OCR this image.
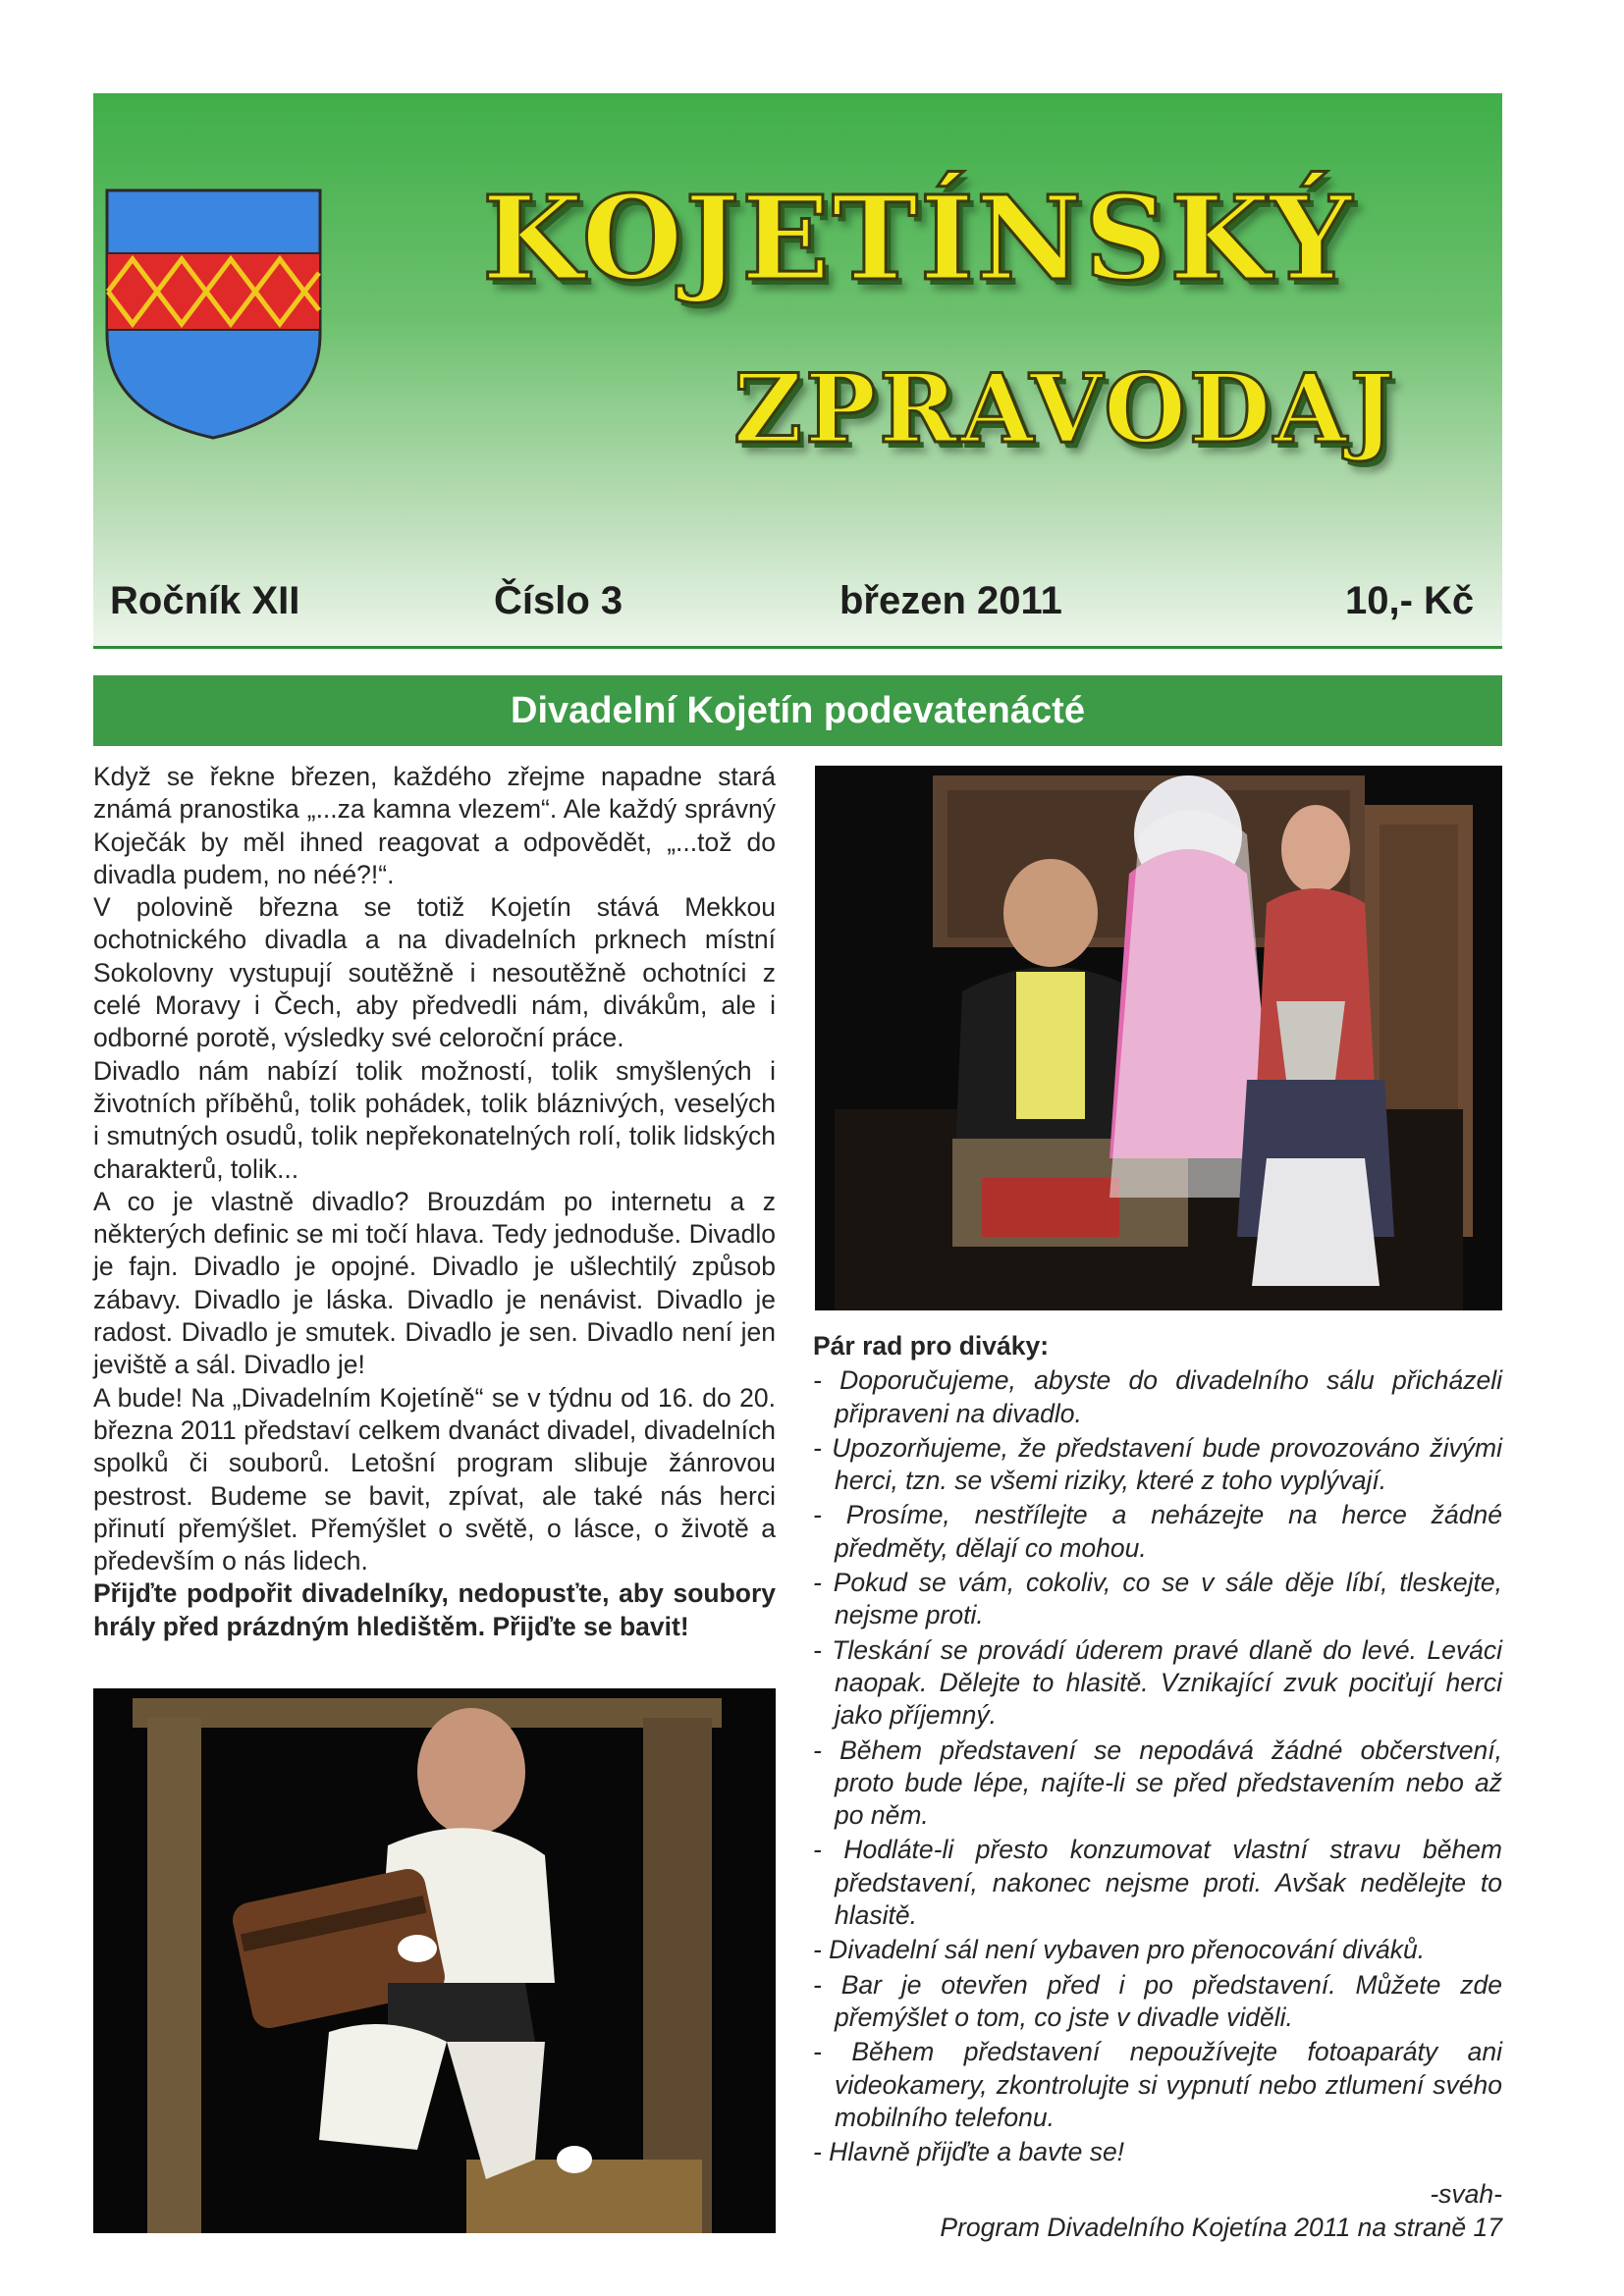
KOJETÍNSKÝ
ZPRAVODAJ
Ročník XII	Číslo 3	březen 2011	10,- Kč
Divadelní Kojetín podevatenácté

Když se řekne březen, každého zřejme napadne stará známá pranostika „...za kamna vlezem“. Ale každý správný Koječák by měl ihned reagovat a odpovědět, „...tož do divadla pudem, no néé?!“.

V polovině března se totiž Kojetín stává Mekkou ochotnického divadla a na divadelních prknech místní Sokolovny vystupují soutěžně i nesoutěžně ochotníci z celé Moravy i Čech, aby předvedli nám, divákům, ale i odborné porotě, výsledky své celoroční práce.

Divadlo nám nabízí tolik možností, tolik smyšlených i životních příběhů, tolik pohádek, tolik bláznivých, veselých i smutných osudů, tolik nepřekonatelných rolí, tolik lidských charakterů, tolik...

A co je vlastně divadlo? Brouzdám po internetu a z některých definic se mi točí hlava. Tedy jednoduše. Divadlo je fajn. Divadlo je opojné. Divadlo je ušlechtilý způsob zábavy. Divadlo je láska. Divadlo je nenávist. Divadlo je radost. Divadlo je smutek. Divadlo je sen. Divadlo není jen jeviště a sál. Divadlo je!

A bude! Na „Divadelním Kojetíně“ se v týdnu od 16. do 20. března 2011 představí celkem dvanáct divadel, divadelních spolků či souborů. Letošní program slibuje žánrovou pestrost. Budeme se bavit, zpívat, ale také nás herci přinutí přemýšlet. Přemýšlet o světě, o lásce, o životě a především o nás lidech.

Přijďte podpořit divadelníky, nedopusťte, aby soubory hrály před prázdným hledištěm. Přijďte se bavit!

Pár rad pro diváky:

- Doporučujeme, abyste do divadelního sálu přicházeli připraveni na divadlo.
- Upozorňujeme, že představení bude provozováno živými herci, tzn. se všemi riziky, které z toho vyplývají.
- Prosíme, nestřílejte a neházejte na herce žádné předměty, dělají co mohou.
- Pokud se vám, cokoliv, co se v sále děje líbí, tleskejte, nejsme proti.
- Tleskání se provádí úderem pravé dlaně do levé. Leváci naopak. Dělejte to hlasitě. Vznikající zvuk pociťují herci jako příjemný.
- Během představení se nepodává žádné občerstvení, proto bude lépe, najíte-li se před představením nebo až po něm.
- Hodláte-li přesto konzumovat vlastní stravu během představení, nakonec nejsme proti. Avšak nedělejte to hlasitě.
- Divadelní sál není vybaven pro přenocování diváků.
- Bar je otevřen před i po představení. Můžete zde přemýšlet o tom, co jste v divadle viděli.
- Během představení nepoužívejte fotoaparáty ani videokamery, zkontrolujte si vypnutí nebo ztlumení svého mobilního telefonu.
- Hlavně přijďte a bavte se!
-svah-
Program Divadelního Kojetína 2011 na straně 17
